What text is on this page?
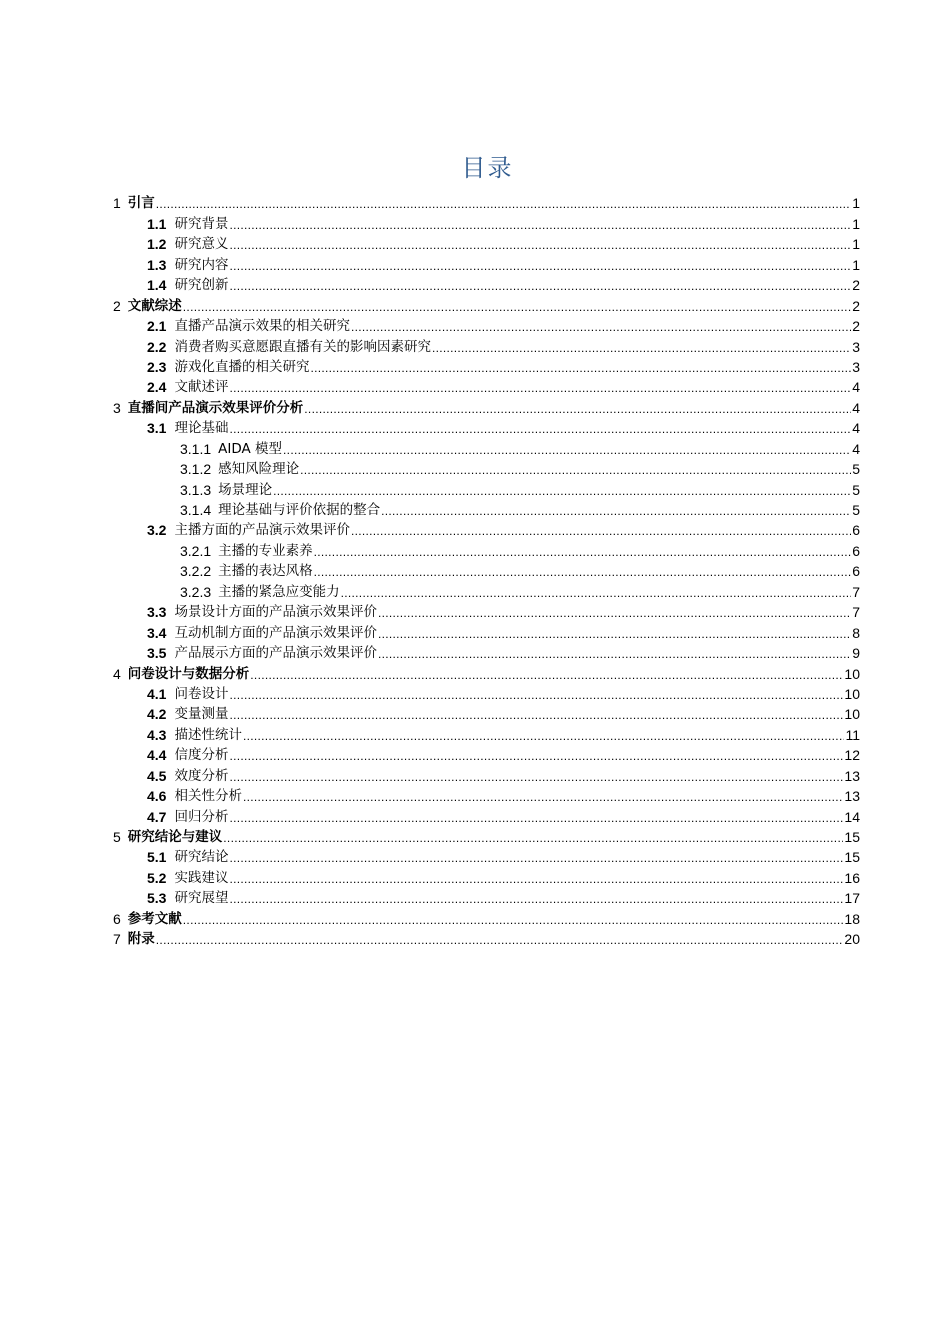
目录
1 引言 .....	1
1.1 研究背景 .....	1
1.2 研究意义 .....	1
1.3 研究内容 .....	1
1.4 研究创新 .....	2
2 文献综述 .....	2
2.1 直播产品演示效果的相关研究 .....	2
2.2 消费者购买意愿跟直播有关的影响因素研究 .....	3
2.3 游戏化直播的相关研究 .....	3
2.4 文献述评 .....	4
3 直播间产品演示效果评价分析 .....	4
3.1 理论基础 .....	4
3.1.1 AIDA 模型 .....	4
3.1.2 感知风险理论 .....	5
3.1.3 场景理论 .....	5
3.1.4 理论基础与评价依据的整合 .....	5
3.2 主播方面的产品演示效果评价 .....	6
3.2.1 主播的专业素养 .....	6
3.2.2 主播的表达风格 .....	6
3.2.3 主播的紧急应变能力 .....	7
3.3 场景设计方面的产品演示效果评价 .....	7
3.4 互动机制方面的产品演示效果评价 .....	8
3.5 产品展示方面的产品演示效果评价 .....	9
4 问卷设计与数据分析 .....	10
4.1 问卷设计 .....	10
4.2 变量测量 .....	10
4.3 描述性统计 .....	11
4.4 信度分析 .....	12
4.5 效度分析 .....	13
4.6 相关性分析 .....	13
4.7 回归分析 .....	14
5 研究结论与建议 .....	15
5.1 研究结论 .....	15
5.2 实践建议 .....	16
5.3 研究展望 .....	17
6 参考文献 .....	18
7 附录 .....	20
